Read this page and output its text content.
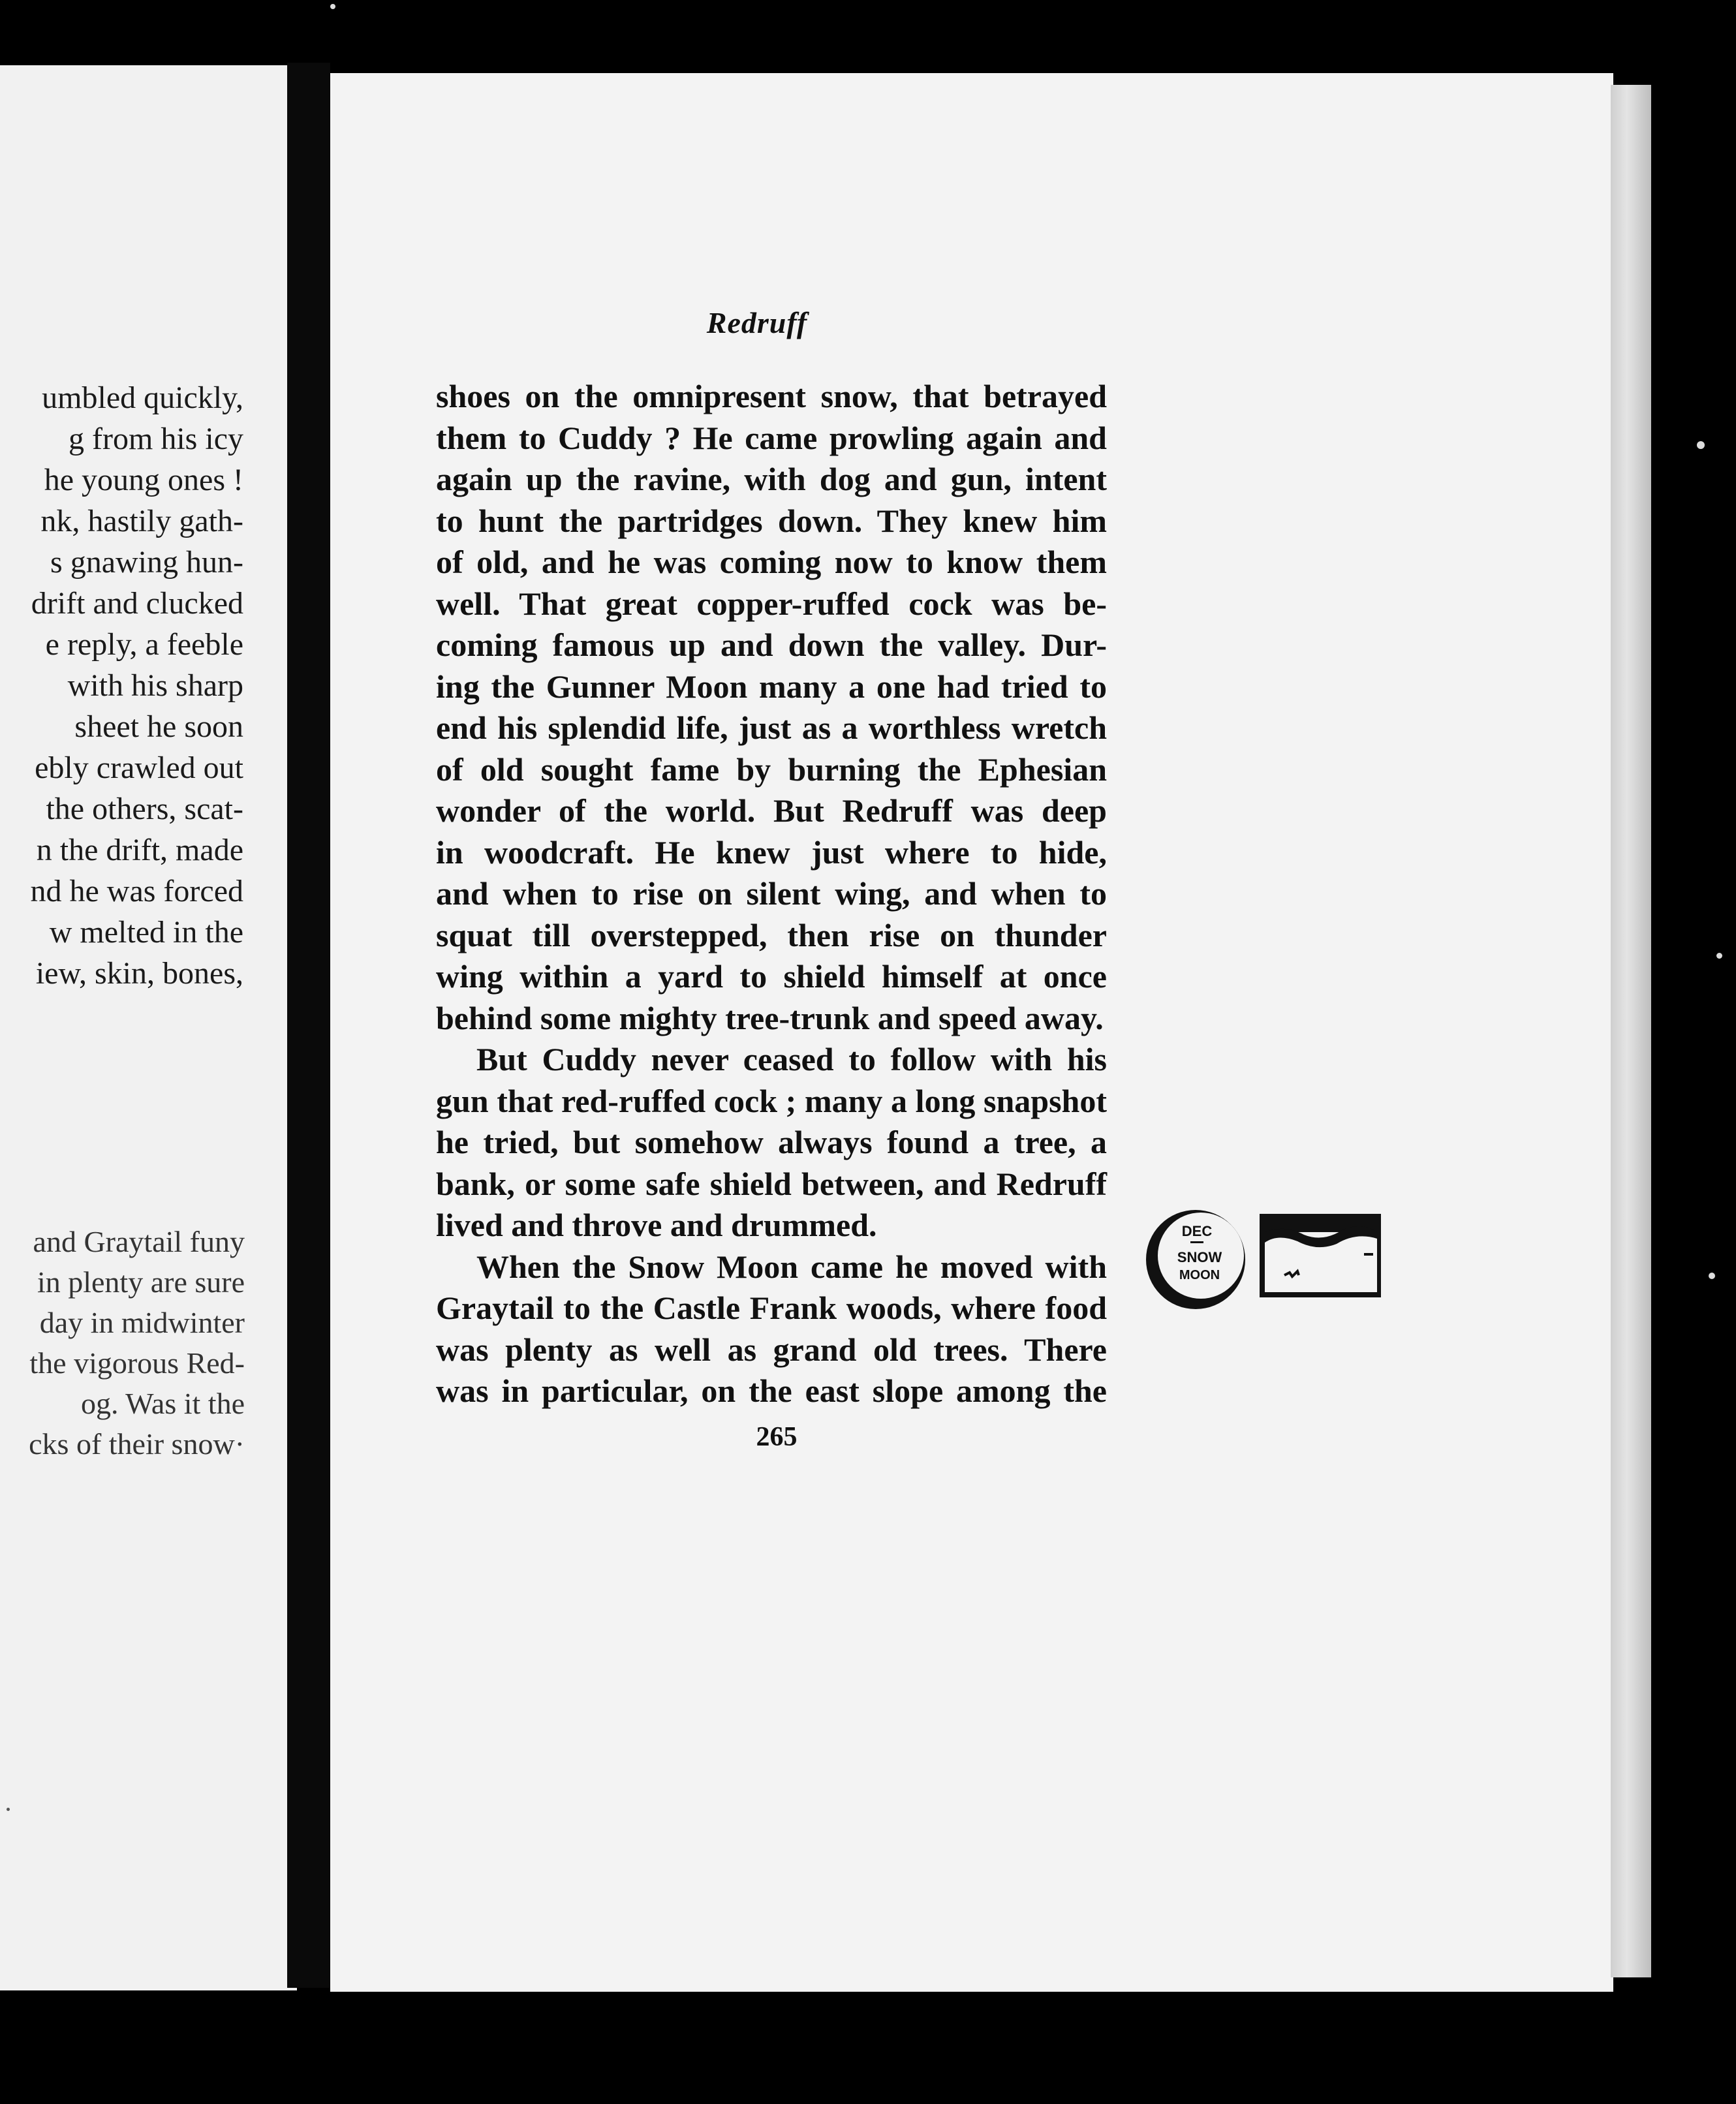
umbled quickly,
g from his icy
he young ones !
nk, hastily gath-
s gnawing hun-
drift and clucked
e reply, a feeble
with his sharp
sheet he soon
ebly crawled out
the others, scat-
n the drift, made
nd he was forced
w melted in the
iew, skin, bones,
and Graytail funy
in plenty are sure
day in midwinter
the vigorous Red-
og. Was it the
cks of their snow·
Redruff
shoes on the omnipresent snow, that betrayed
them to Cuddy ? He came prowling again and
again up the ravine, with dog and gun, intent
to hunt the partridges down. They knew him
of old, and he was coming now to know them
well. That great copper-ruffed cock was be-
coming famous up and down the valley. Dur-
ing the Gunner Moon many a one had tried to
end his splendid life, just as a worthless wretch
of old sought fame by burning the Ephesian
wonder of the world. But Redruff was deep
in woodcraft. He knew just where to hide,
and when to rise on silent wing, and when to
squat till overstepped, then rise on thunder
wing within a yard to shield himself at once
behind some mighty tree-trunk and speed away.
But Cuddy never ceased to follow with his
gun that red-ruffed cock ; many a long snapshot
he tried, but somehow always found a tree, a
bank, or some safe shield between, and Redruff
lived and throve and drummed.
When the Snow Moon came he moved with
Graytail to the Castle Frank woods, where food
was plenty as well as grand old trees. There
was in particular, on the east slope among the
265
DEC
SNOW
MOON
